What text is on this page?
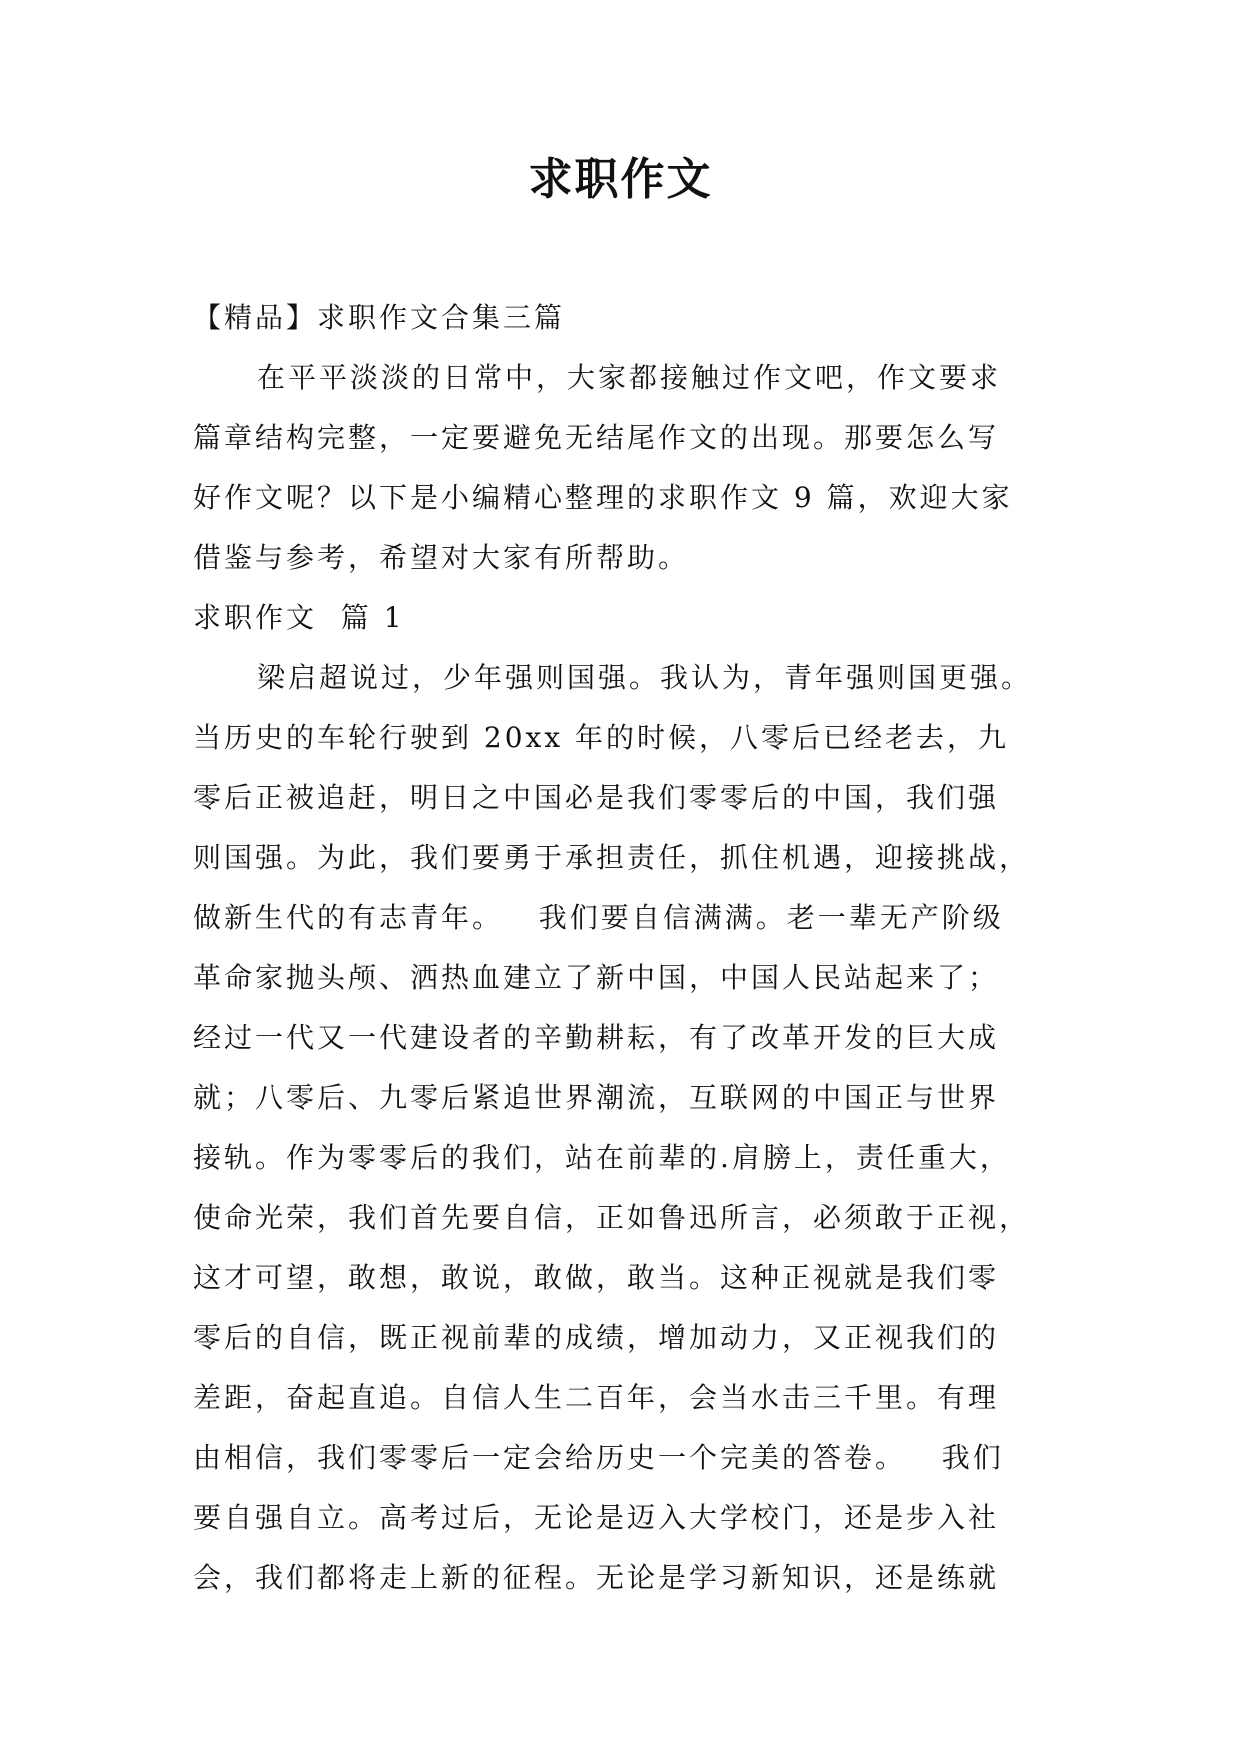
求职作文
【精品】求职作文合集三篇
在平平淡淡的日常中，大家都接触过作文吧，作文要求
篇章结构完整，一定要避免无结尾作文的出现。那要怎么写
好作文呢？以下是小编精心整理的求职作文 9 篇，欢迎大家
借鉴与参考，希望对大家有所帮助。
求职作文  篇 1
梁启超说过，少年强则国强。我认为，青年强则国更强。
当历史的车轮行驶到 20xx 年的时候，八零后已经老去，九
零后正被追赶，明日之中国必是我们零零后的中国，我们强
则国强。为此，我们要勇于承担责任，抓住机遇，迎接挑战，
做新生代的有志青年。   我们要自信满满。老一辈无产阶级
革命家抛头颅、洒热血建立了新中国，中国人民站起来了；
经过一代又一代建设者的辛勤耕耘，有了改革开发的巨大成
就；八零后、九零后紧追世界潮流，互联网的中国正与世界
接轨。作为零零后的我们，站在前辈的.肩膀上，责任重大，
使命光荣，我们首先要自信，正如鲁迅所言，必须敢于正视，
这才可望，敢想，敢说，敢做，敢当。这种正视就是我们零
零后的自信，既正视前辈的成绩，增加动力，又正视我们的
差距，奋起直追。自信人生二百年，会当水击三千里。有理
由相信，我们零零后一定会给历史一个完美的答卷。   我们
要自强自立。高考过后，无论是迈入大学校门，还是步入社
会，我们都将走上新的征程。无论是学习新知识，还是练就
